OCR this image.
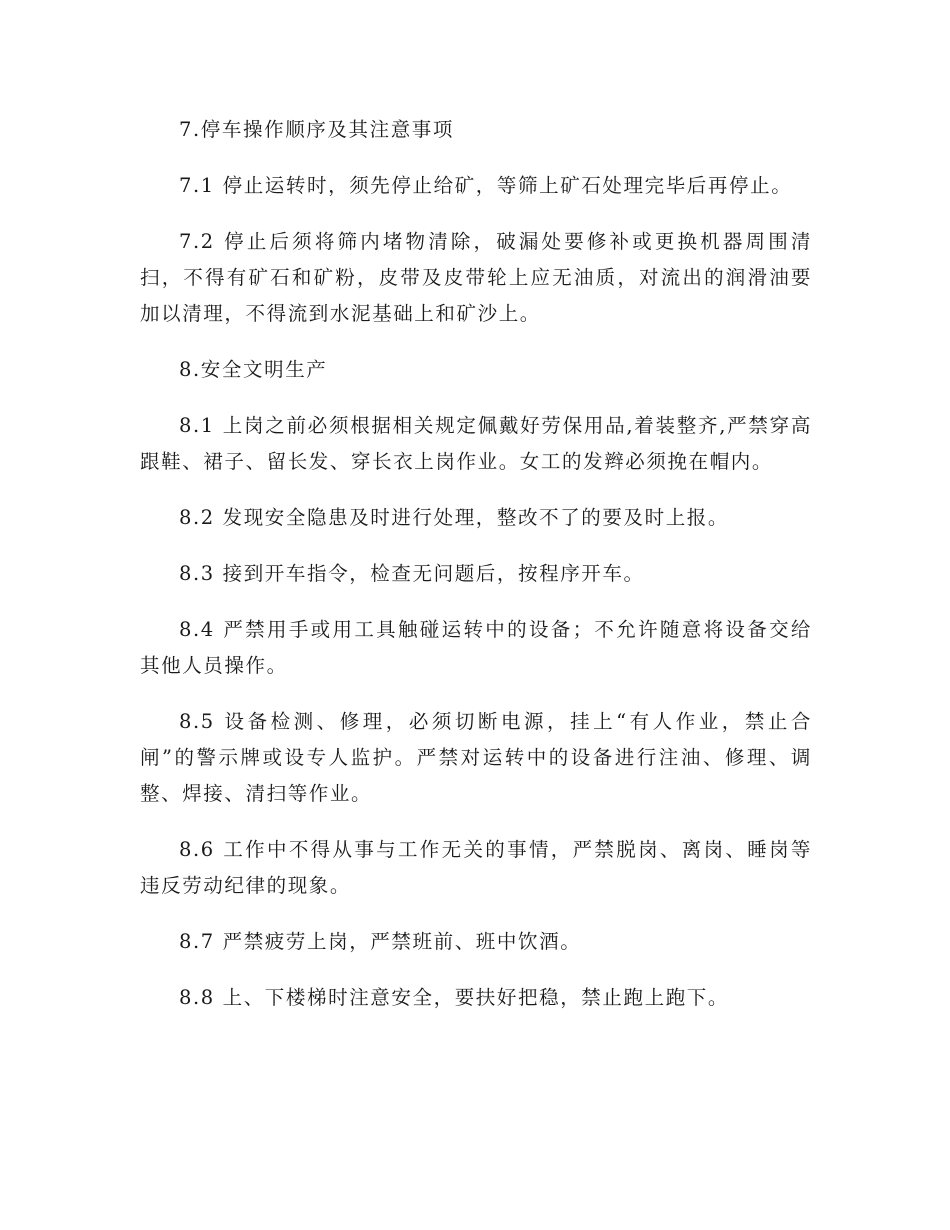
7.停车操作顺序及其注意事项

7.1 停止运转时，须先停止给矿，等筛上矿石处理完毕后再停止。

7.2 停止后须将筛内堵物清除，破漏处要修补或更换机器周围清扫，不得有矿石和矿粉，皮带及皮带轮上应无油质，对流出的润滑油要加以清理，不得流到水泥基础上和矿沙上。

8.安全文明生产

8.1 上岗之前必须根据相关规定佩戴好劳保用品,着装整齐,严禁穿高跟鞋、裙子、留长发、穿长衣上岗作业。女工的发辫必须挽在帽内。

8.2 发现安全隐患及时进行处理，整改不了的要及时上报。

8.3 接到开车指令，检查无问题后，按程序开车。

8.4 严禁用手或用工具触碰运转中的设备；不允许随意将设备交给其他人员操作。

8.5 设备检测、修理，必须切断电源，挂上“有人作业，禁止合闸”的警示牌或设专人监护。严禁对运转中的设备进行注油、修理、调整、焊接、清扫等作业。

8.6 工作中不得从事与工作无关的事情，严禁脱岗、离岗、睡岗等违反劳动纪律的现象。

8.7 严禁疲劳上岗，严禁班前、班中饮酒。

8.8 上、下楼梯时注意安全，要扶好把稳，禁止跑上跑下。
